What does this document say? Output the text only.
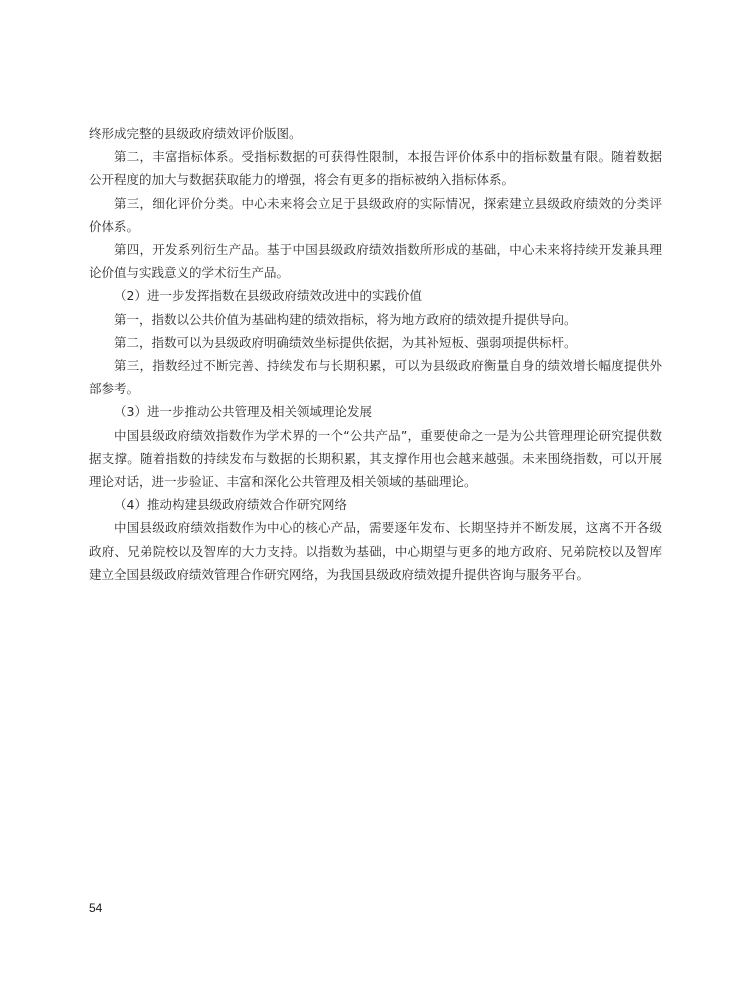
终形成完整的县级政府绩效评价版图。

第二，丰富指标体系。受指标数据的可获得性限制，本报告评价体系中的指标数量有限。随着数据公开程度的加大与数据获取能力的增强，将会有更多的指标被纳入指标体系。

第三，细化评价分类。中心未来将会立足于县级政府的实际情况，探索建立县级政府绩效的分类评价体系。

第四，开发系列衍生产品。基于中国县级政府绩效指数所形成的基础，中心未来将持续开发兼具理论价值与实践意义的学术衍生产品。

（2）进一步发挥指数在县级政府绩效改进中的实践价值

第一，指数以公共价值为基础构建的绩效指标，将为地方政府的绩效提升提供导向。

第二，指数可以为县级政府明确绩效坐标提供依据，为其补短板、强弱项提供标杆。

第三，指数经过不断完善、持续发布与长期积累，可以为县级政府衡量自身的绩效增长幅度提供外部参考。

（3）进一步推动公共管理及相关领域理论发展

中国县级政府绩效指数作为学术界的一个“公共产品”，重要使命之一是为公共管理理论研究提供数据支撑。随着指数的持续发布与数据的长期积累，其支撑作用也会越来越强。未来围绕指数，可以开展理论对话，进一步验证、丰富和深化公共管理及相关领域的基础理论。

（4）推动构建县级政府绩效合作研究网络

中国县级政府绩效指数作为中心的核心产品，需要逐年发布、长期坚持并不断发展，这离不开各级政府、兄弟院校以及智库的大力支持。以指数为基础，中心期望与更多的地方政府、兄弟院校以及智库建立全国县级政府绩效管理合作研究网络，为我国县级政府绩效提升提供咨询与服务平台。

54
